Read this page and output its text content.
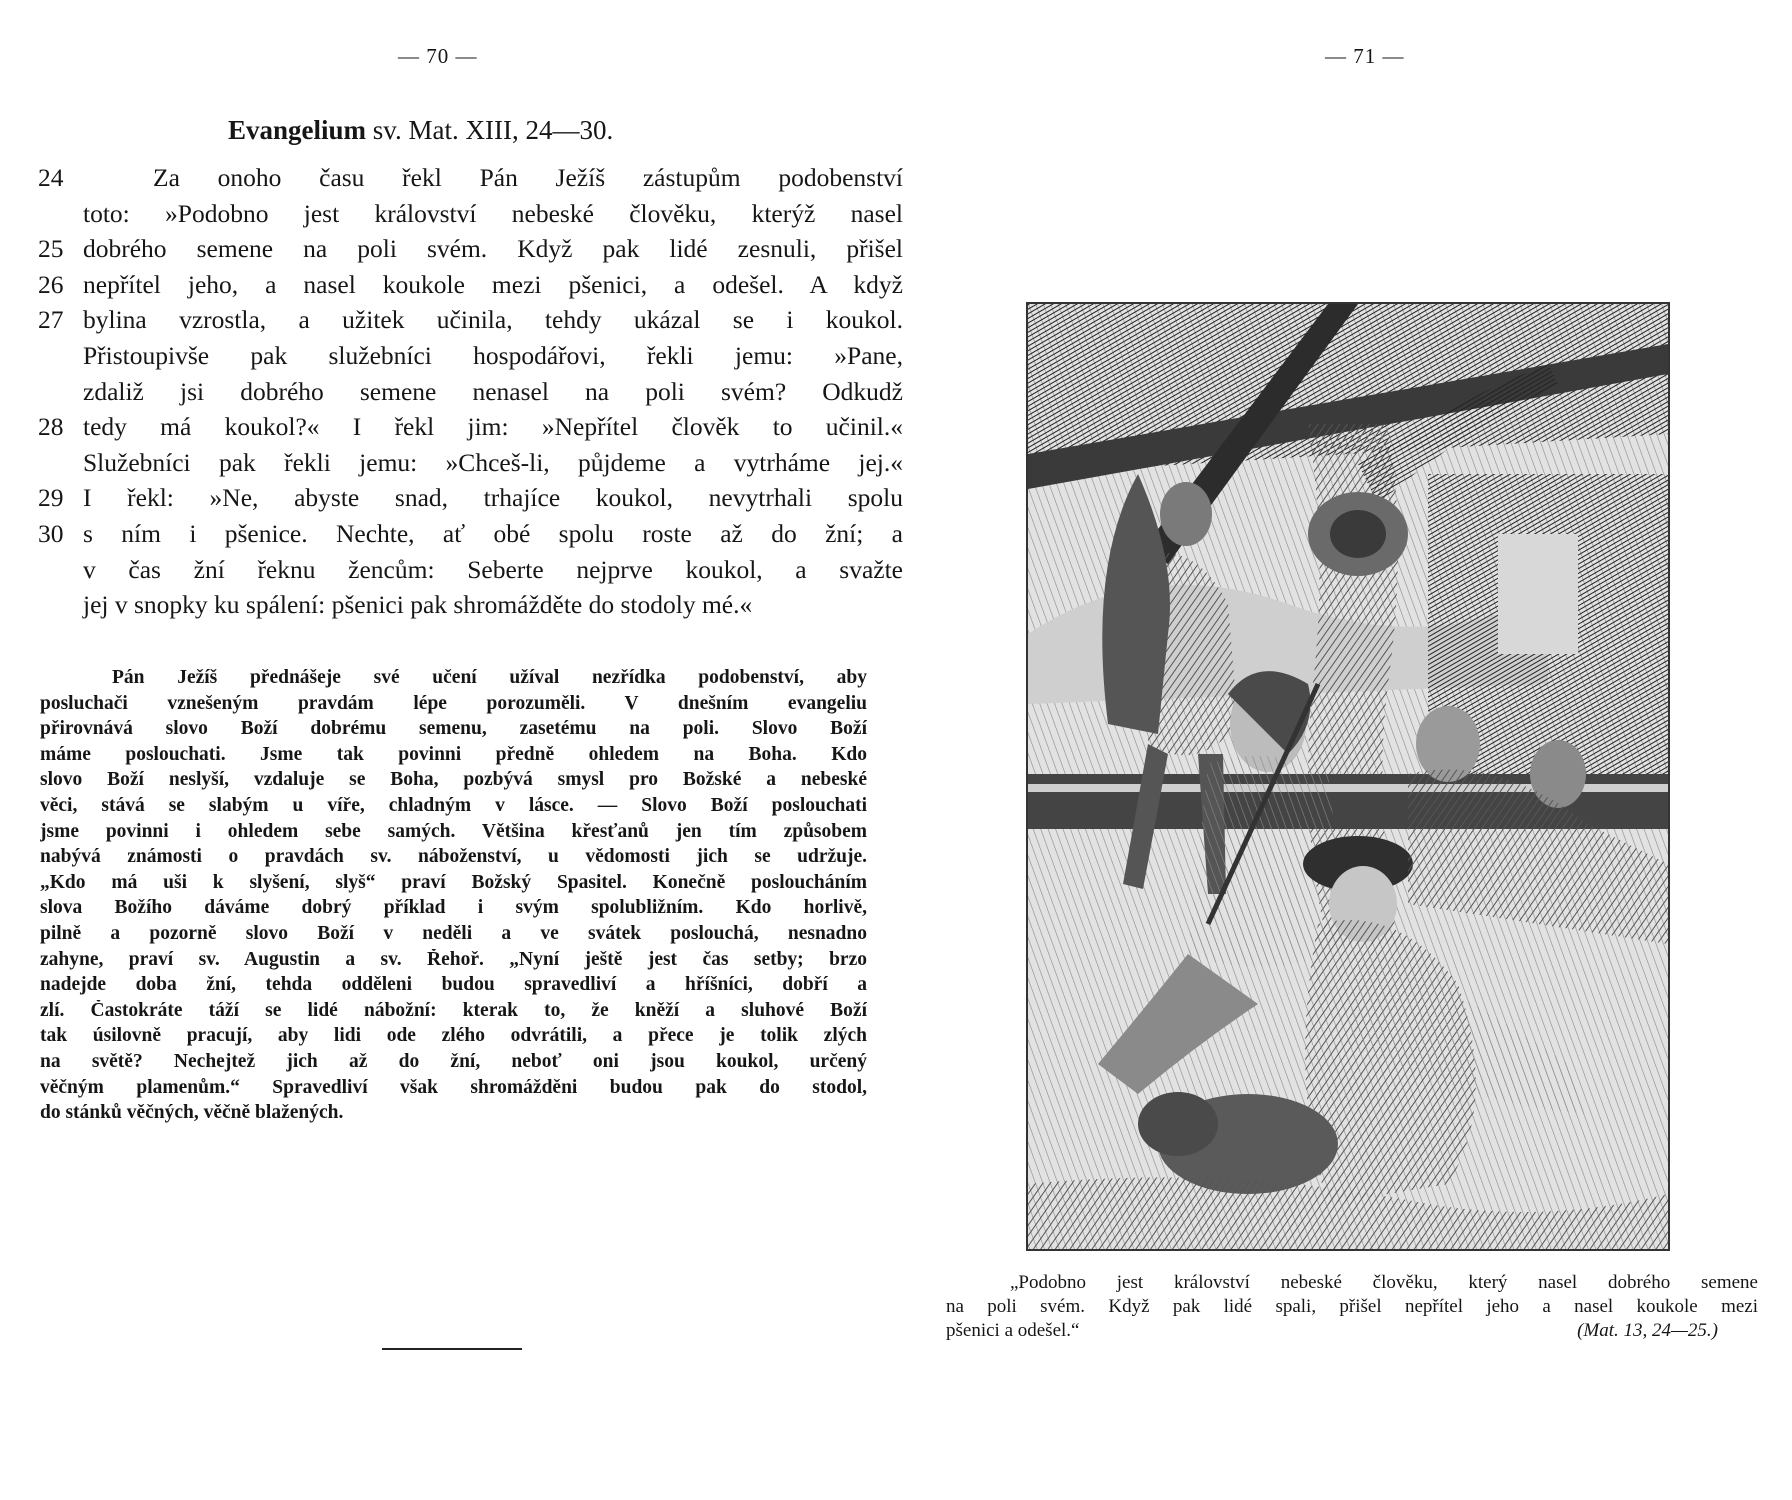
— 70 —	— 71 —
Evangelium sv. Mat. XIII, 24—30.
24	Za onoho času řekl Pán Ježíš zástupům podobenství
toto: »Podobno jest království nebeské člověku, kterýž nasel
25 dobrého semene na poli svém. Když pak lidé zesnuli, přišel
26 nepřítel jeho, a nasel koukole mezi pšenici, a odešel. A když
27 bylina vzrostla, a užitek učinila, tehdy ukázal se i koukol.
Přistoupivše pak služebníci hospodářovi, řekli jemu: »Pane,
zdaliž jsi dobrého semene nenasel na poli svém? Odkudž
28 tedy má koukol?« I řekl jim: »Nepřítel člověk to učinil.«
Služebníci pak řekli jemu: »Chceš-li, půjdeme a vytrháme jej.«
29 I řekl: »Ne, abyste snad, trhajíce koukol, nevytrhali spolu
30 s ním i pšenice. Nechte, ať obé spolu roste až do žní; a
v čas žní řeknu žencům: Seberte nejprve koukol, a svažte
jej v snopky ku spálení: pšenici pak shromážděte do stodoly mé.«
Pán Ježíš přednášeje své učení užíval nezřídka podobenství, aby
posluchači vznešeným pravdám lépe porozuměli. V dnešním evangeliu
přirovnává slovo Boží dobrému semenu, zasetému na poli. Slovo Boží
máme poslouchati. Jsme tak povinni předně ohledem na Boha. Kdo
slovo Boží neslyší, vzdaluje se Boha, pozbývá smysl pro Božské a nebeské
věci, stává se slabým u víře, chladným v lásce. — Slovo Boží poslouchati
jsme povinni i ohledem sebe samých. Většina křesťanů jen tím způsobem
nabývá známosti o pravdách sv. náboženství, u vědomosti jich se udržuje.
„Kdo má uši k slyšení, slyš“ praví Božský Spasitel. Konečně posloucháním
slova Božího dáváme dobrý příklad i svým spolubližním. Kdo horlivě,
pilně a pozorně slovo Boží v neděli a ve svátek poslouchá, nesnadno
zahyne, praví sv. Augustin a sv. Řehoř. „Nyní ještě jest čas setby; brzo
nadejde doba žní, tehda odděleni budou spravedliví a hříšníci, dobří a
zlí. Častokráte táží se lidé nábožní: kterak to, že kněží a sluhové Boží
tak úsilovně pracují, aby lidi ode zlého odvrátili, a přece je tolik zlých
na světě? Nechejtež jich až do žní, neboť oni jsou koukol, určený
věčným plamenům.“ Spravedliví však shromážděni budou pak do stodol,
do stánků věčných, věčně blažených.
„Podobno jest království nebeské člověku, který nasel dobrého semene
na poli svém. Když pak lidé spali, přišel nepřítel jeho a nasel koukole mezi
pšenici a odešel.“	(Mat. 13, 24—25.)
